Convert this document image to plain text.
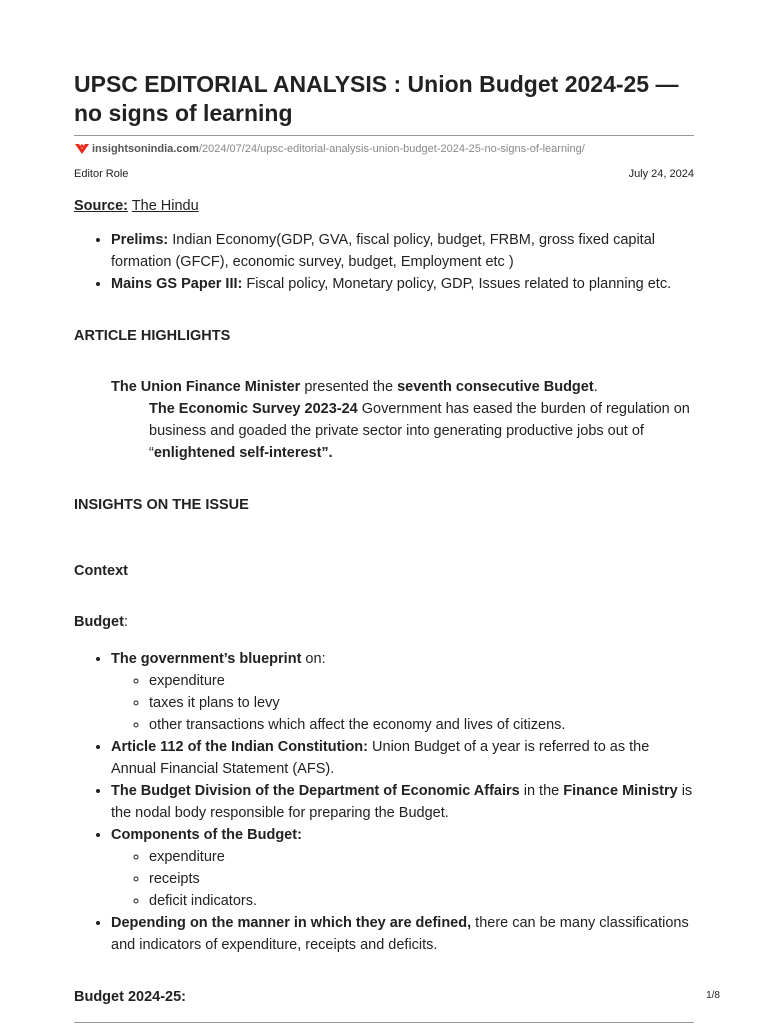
UPSC EDITORIAL ANALYSIS : Union Budget 2024-25 — no signs of learning
insightsonindia.com /2024/07/24/upsc-editorial-analysis-union-budget-2024-25-no-signs-of-learning/
Editor Role	July 24, 2024

Source: The Hindu

• Prelims: Indian Economy(GDP, GVA, fiscal policy, budget, FRBM, gross fixed capital formation (GFCF), economic survey, budget, Employment etc )
• Mains GS Paper III: Fiscal policy, Monetary policy, GDP, Issues related to planning etc.

ARTICLE HIGHLIGHTS

The Union Finance Minister presented the seventh consecutive Budget.

The Economic Survey 2023-24 Government has eased the burden of regulation on business and goaded the private sector into generating productive jobs out of “enlightened self-interest”.

INSIGHTS ON THE ISSUE

Context

Budget:

• The government’s blueprint on:
◦ expenditure
◦ taxes it plans to levy
◦ other transactions which affect the economy and lives of citizens.
• Article 112 of the Indian Constitution: Union Budget of a year is referred to as the Annual Financial Statement (AFS).
• The Budget Division of the Department of Economic Affairs in the Finance Ministry is the nodal body responsible for preparing the Budget.
• Components of the Budget:
◦ expenditure
◦ receipts
◦ deficit indicators.
• Depending on the manner in which they are defined, there can be many classifications and indicators of expenditure, receipts and deficits.

Budget 2024-25:	1/8
